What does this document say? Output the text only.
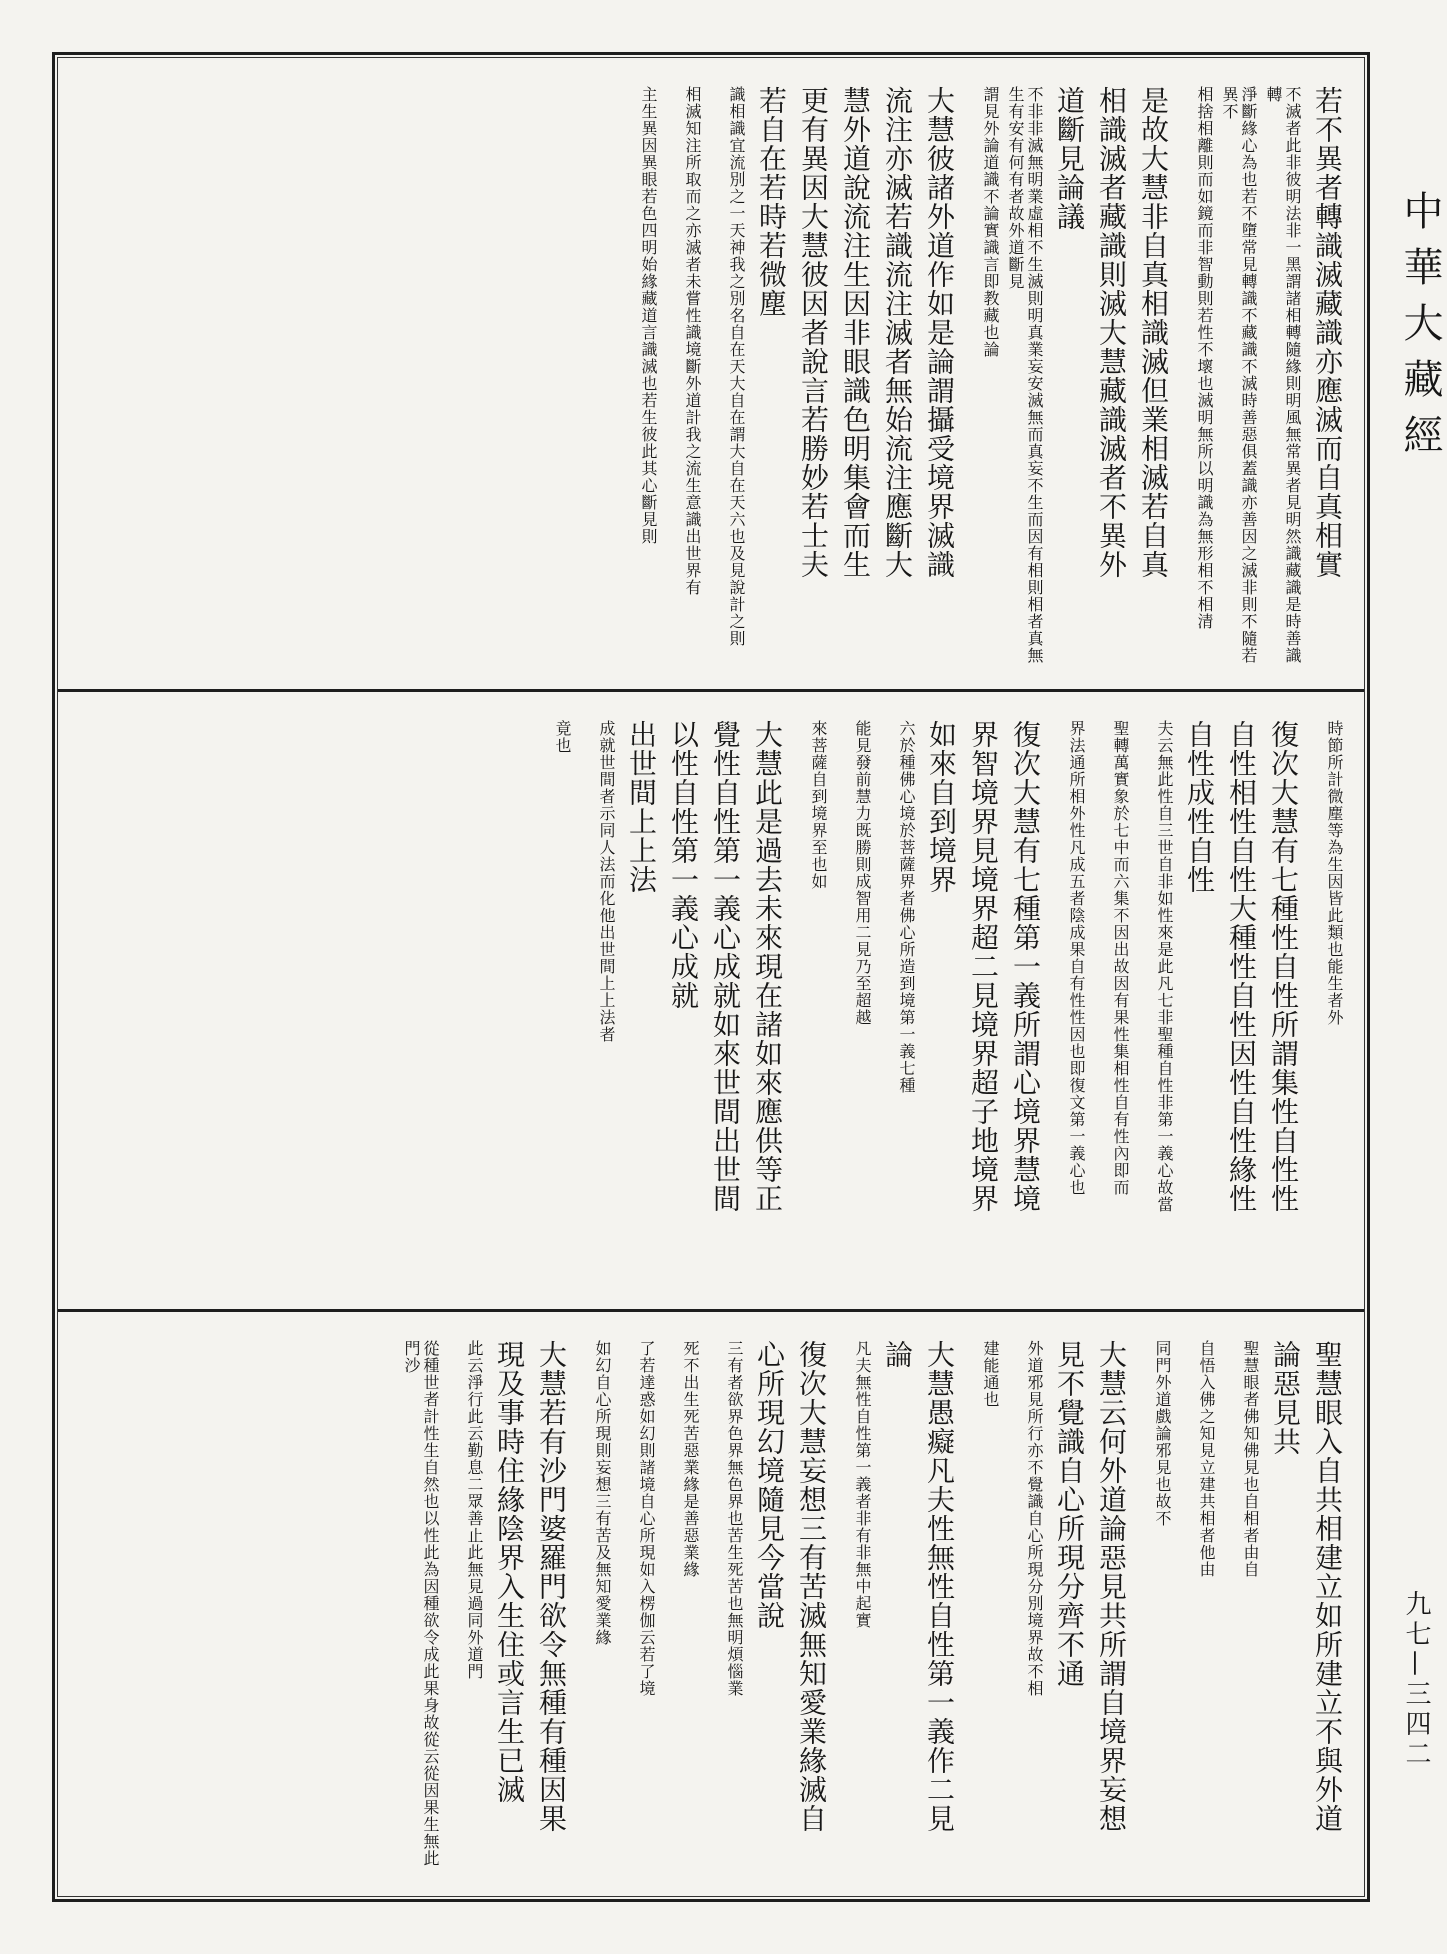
若不異者轉識滅藏識亦應滅而自真相實
不滅者此非彼明法非一黑謂諸相轉隨緣則明風無常異者見明然識藏識是時善識轉
淨斷緣心為也若不墮常見轉識不藏識不滅時善惡俱蓋識亦善因之滅非則不隨若異不
相捨相離則而如鏡而非智動則若性不壞也滅明無所以明識為無形相不相清
是故大慧非自真相識滅但業相滅若自真
相識滅者藏識則滅大慧藏識滅者不異外
道斷見論議
不非非滅無明業虛相不生滅則明真業妄安滅無而真妄不生而因有相則相者真無生有安有何有者故外道斷見
謂見外論道識不論實識言即教藏也論
大慧彼諸外道作如是論謂攝受境界滅識
流注亦滅若識流注滅者無始流注應斷大
慧外道說流注生因非眼識色明集會而生
更有異因大慧彼因者說言若勝妙若士夫
若自在若時若微塵
識相識宜流別之一天神我之別名自在天大自在謂大自在天六也及見說計之則
相滅知注所取而之亦滅者未嘗性識境斷外道計我之流生意識出世界有
主生異因異眼若色四明始緣藏道言識滅也若生彼此其心斷見則
時節所計微塵等為生因皆此類也能生者外
復次大慧有七種性自性所謂集性自性性
自性相性自性大種性自性因性自性緣性
自性成性自性
夫云無此性自三世自非如性來是此凡七非聖種自性非第一義心故當
聖轉萬實象於七中而六集不因出故因有果性集相性自有性內即而
界法通所相外性凡成五者陰成果自有性性因也即復文第一義心也
復次大慧有七種第一義所謂心境界慧境
界智境界見境界超二見境界超子地境界
如來自到境界
六於種佛心境於菩薩界者佛心所造到境第一義七種
能見發前慧力既勝則成智用二見乃至超越
來菩薩自到境界至也如
大慧此是過去未來現在諸如來應供等正
覺性自性第一義心成就如來世間出世間
以性自性第一義心成就
出世間上上法
成就世間者示同人法而化他出世間上上法者
竟也
聖慧眼入自共相建立如所建立不與外道
論惡見共
聖慧眼者佛知佛見也自相者由自
自悟入佛之知見立建共相者他由
同門外道戲論邪見也故不
大慧云何外道論惡見共所謂自境界妄想
見不覺識自心所現分齊不通
外道邪見所行亦不覺識自心所現分別境界故不相
建能通也
大慧愚癡凡夫性無性自性第一義作二見
論
凡夫無性自性第一義者非有非無中起實
復次大慧妄想三有苦滅無知愛業緣滅自
心所現幻境隨見今當說
三有者欲界色界無色界也苦生死苦也無明煩惱業
死不出生死苦惡業緣是善惡業緣
了若達惑如幻則諸境自心所現如入楞伽云若了境
如幻自心所現則妄想三有苦及無知愛業緣
大慧若有沙門婆羅門欲令無種有種因果
現及事時住緣陰界入生住或言生已滅
此云淨行此云勤息二眾善止此無見過同外道門
從種世者計性生自然也以性此為因種欲令成此果身故從云從因果生無此門沙
中華大藏經
九七—三四二
